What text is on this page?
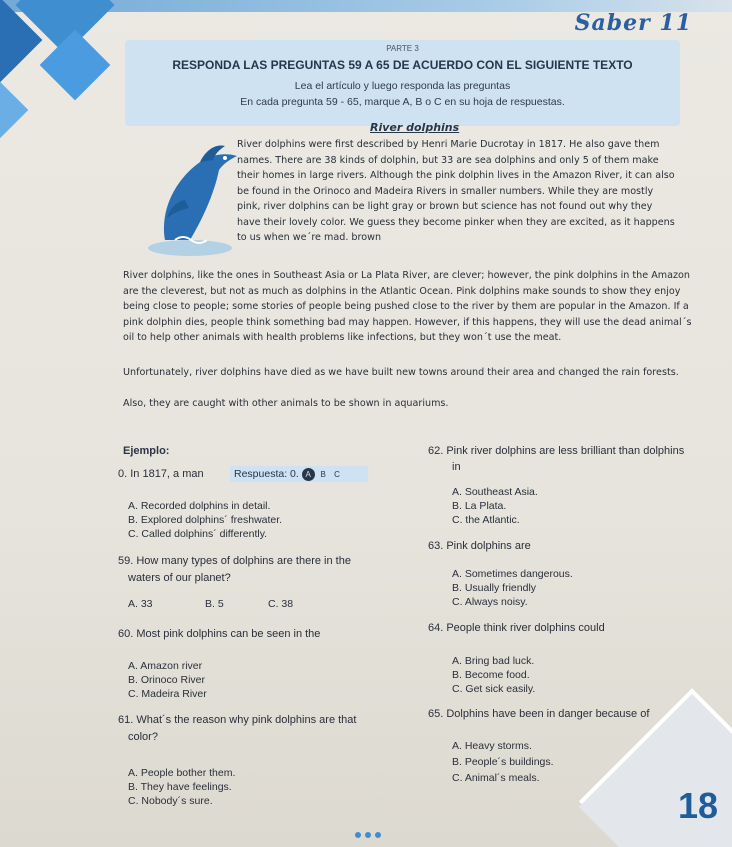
Saber 11
PARTE 3
RESPONDA LAS PREGUNTAS 59 A 65 DE ACUERDO CON EL SIGUIENTE TEXTO
Lea el artículo y luego responda las preguntas
En cada pregunta 59 - 65, marque A, B o C en su hoja de respuestas.
River dolphins
River dolphins were first described by Henri Marie Ducrotay in 1817. He also gave them names. There are 38 kinds of dolphin, but 33 are sea dolphins and only 5 of them make their homes in large rivers. Although the pink dolphin lives in the Amazon River, it can also be found in the Orinoco and Madeira Rivers in smaller numbers. While they are mostly pink, river dolphins can be light gray or brown but science has not found out why they have their lovely color. We guess they become pinker when they are excited, as it happens to us when we´re mad. brown
River dolphins, like the ones in Southeast Asia or La Plata River, are clever; however, the pink dolphins in the Amazon are the cleverest, but not as much as dolphins in the Atlantic Ocean. Pink dolphins make sounds to show they enjoy being close to people; some stories of people being pushed close to the river by them are popular in the Amazon. If a pink dolphin dies, people think something bad may happen. However, if this happens, they will use the dead animal´s oil to help other animals with health problems like infections, but they won´t use the meat.
Unfortunately, river dolphins have died as we have built new towns around their area and changed the rain forests.
Also, they are caught with other animals to be shown in aquariums.
Ejemplo:
0. In 1817, a man	Respuesta: 0. A B C
A. Recorded dolphins in detail.
B. Explored dolphins´ freshwater.
C. Called dolphins´ differently.
59. How many types of dolphins are there in the
waters of our planet?
A. 33	B. 5	C. 38
60. Most pink dolphins can be seen in the
A. Amazon river
B. Orinoco River
C. Madeira River
61. What´s the reason why pink dolphins are that
color?
A. People bother them.
B. They have feelings.
C. Nobody´s sure.
62. Pink river dolphins are less brilliant than dolphins
in
A. Southeast Asia.
B. La Plata.
C. the Atlantic.
63. Pink dolphins are
A. Sometimes dangerous.
B. Usually friendly
C. Always noisy.
64. People think river dolphins could
A. Bring bad luck.
B. Become food.
C. Get sick easily.
65. Dolphins have been in danger because of
A. Heavy storms.
B. People´s buildings.
C. Animal´s meals.
18
